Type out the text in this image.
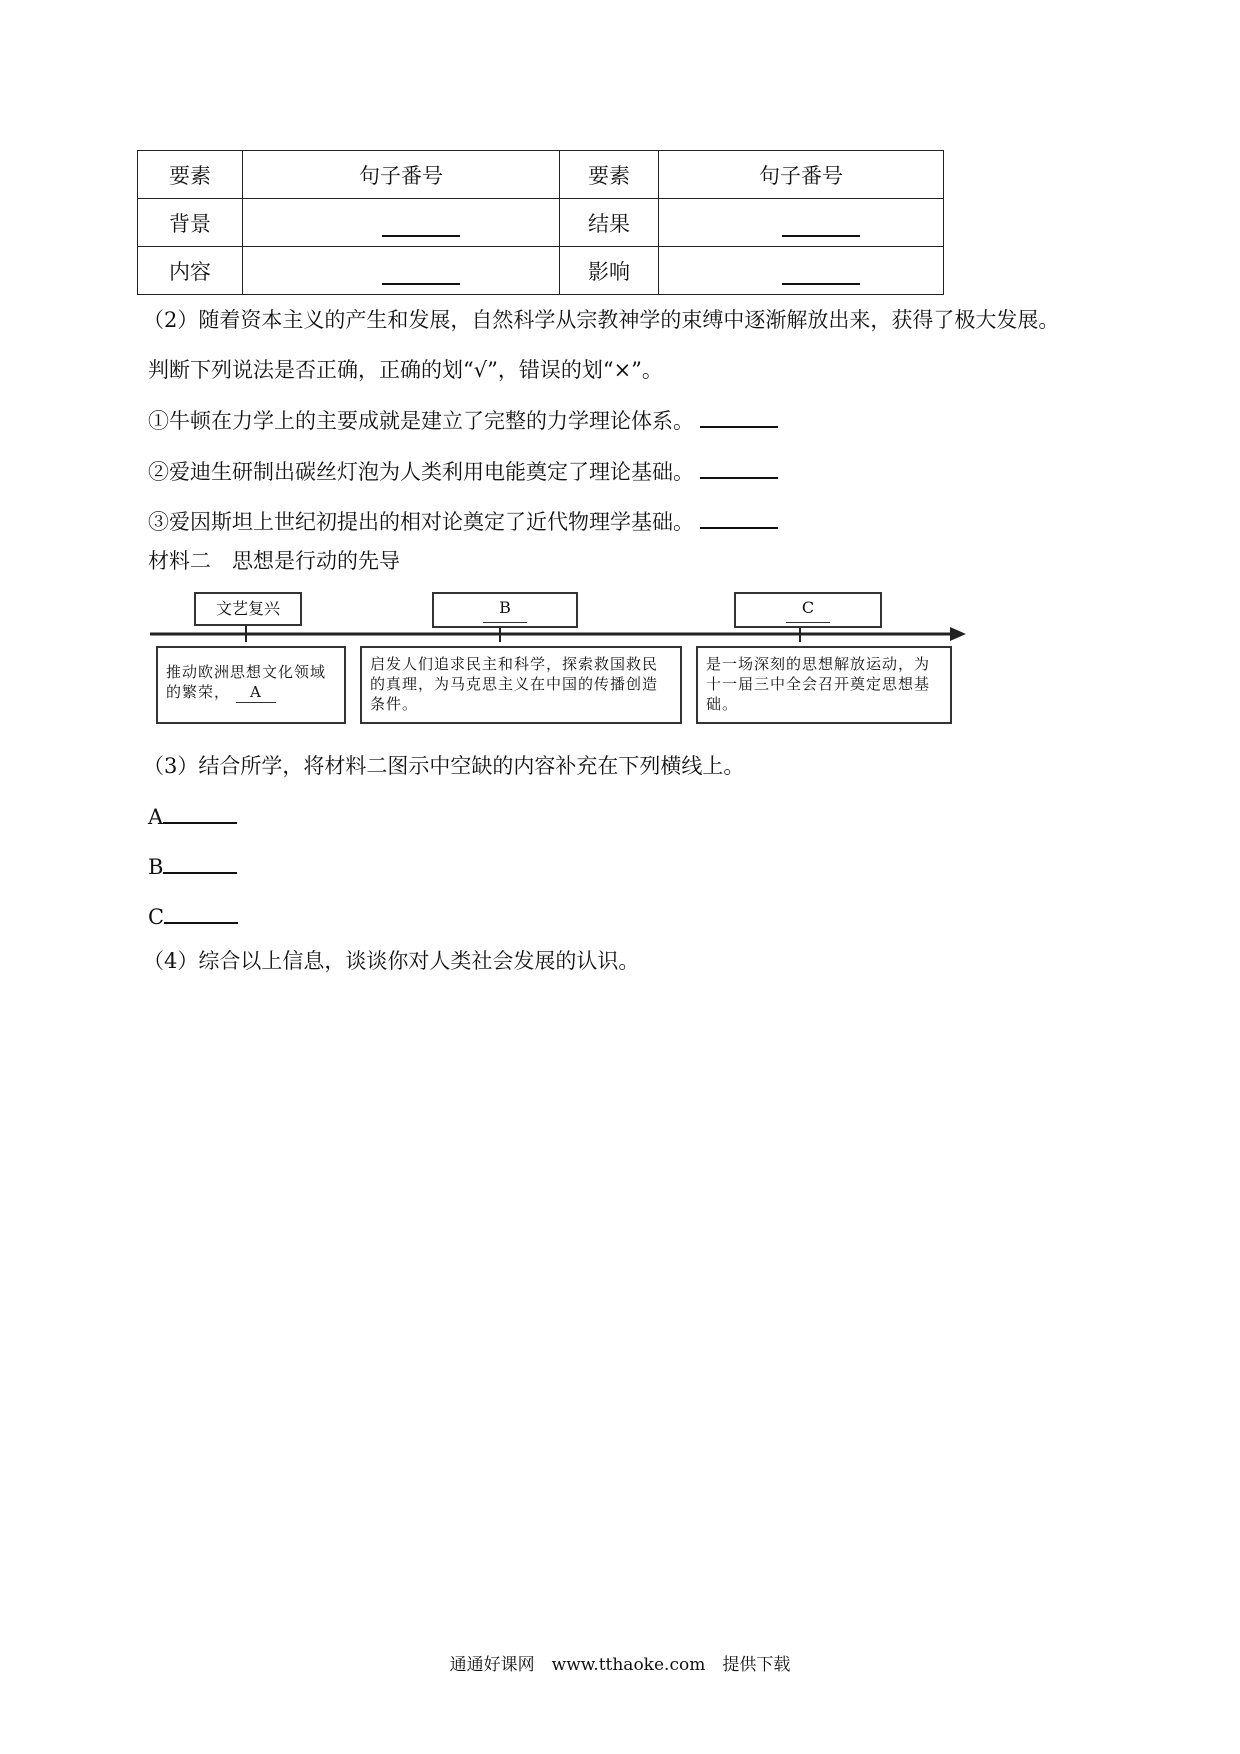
要素	句子番号	要素	句子番号
背景		结果	
内容		影响	
（2）随着资本主义的产生和发展，自然科学从宗教神学的束缚中逐渐解放出来，获得了极大发展。
判断下列说法是否正确，正确的划“√”，错误的划“×”。
①牛顿在力学上的主要成就是建立了完整的力学理论体系。
②爱迪生研制出碳丝灯泡为人类利用电能奠定了理论基础。
③爱因斯坦上世纪初提出的相对论奠定了近代物理学基础。
材料二　思想是行动的先导
文艺复兴	B	C
推动欧洲思想文化领域的繁荣， A
启发人们追求民主和科学，探索救国救民的真理，为马克思主义在中国的传播创造条件。
是一场深刻的思想解放运动，为十一届三中全会召开奠定思想基础。
（3）结合所学，将材料二图示中空缺的内容补充在下列横线上。
A
B
C
（4）综合以上信息，谈谈你对人类社会发展的认识。
通通好课网　www.tthaoke.com　提供下载
